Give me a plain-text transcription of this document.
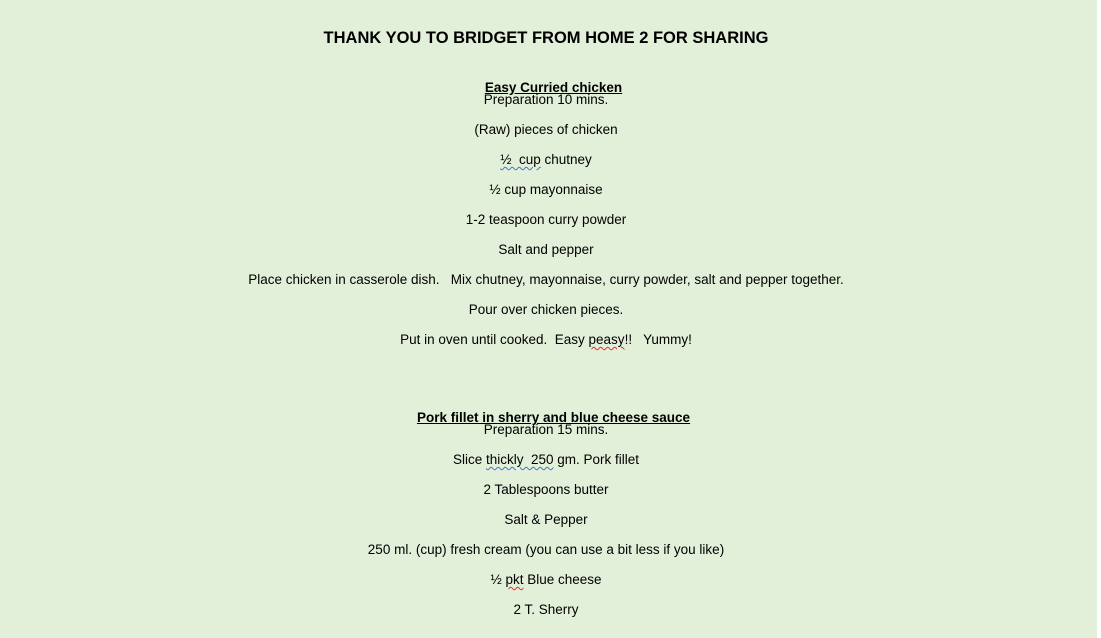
THANK YOU TO BRIDGET FROM HOME 2 FOR SHARING

Easy Curried chicken

Preparation 10 mins.
(Raw) pieces of chicken
½  cup chutney
½ cup mayonnaise
1-2 teaspoon curry powder
Salt and pepper
Place chicken in casserole dish.   Mix chutney, mayonnaise, curry powder, salt and pepper together.
Pour over chicken pieces.
Put in oven until cooked.  Easy peasy!!   Yummy!

Pork fillet in sherry and blue cheese sauce

Preparation 15 mins.
Slice thickly  250 gm. Pork fillet
2 Tablespoons butter
Salt & Pepper
250 ml. (cup) fresh cream (you can use a bit less if you like)
½ pkt Blue cheese
2 T. Sherry
